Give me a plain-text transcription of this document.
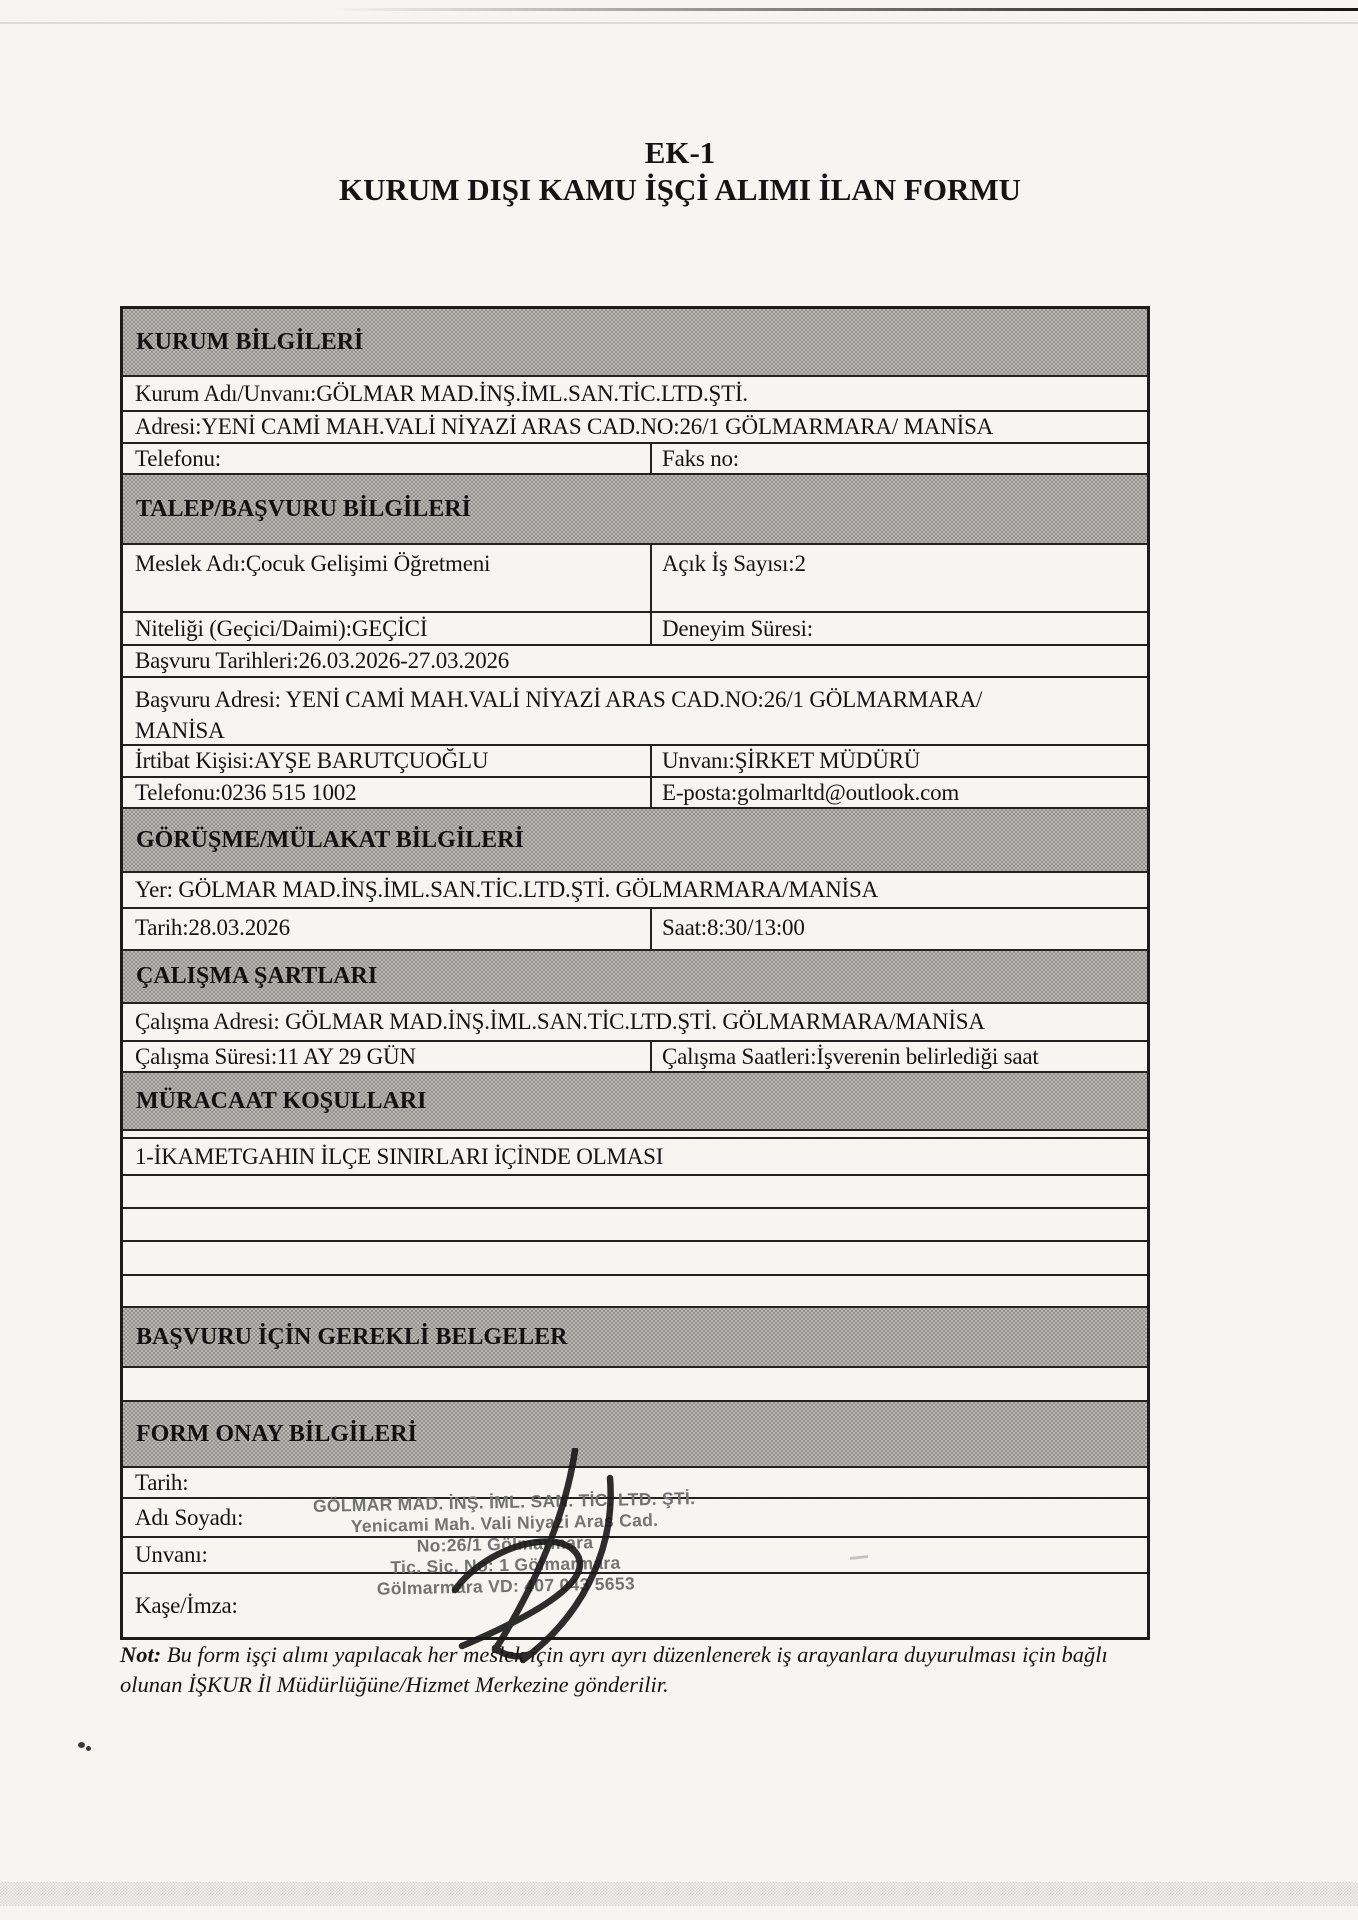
EK-1
KURUM DIŞI KAMU İŞÇİ ALIMI İLAN FORMU
KURUM BİLGİLERİ
Kurum Adı/Unvanı:GÖLMAR MAD.İNŞ.İML.SAN.TİC.LTD.ŞTİ.
Adresi:YENİ CAMİ MAH.VALİ NİYAZİ ARAS CAD.NO:26/1 GÖLMARMARA/ MANİSA
Telefonu:	Faks no:
TALEP/BAŞVURU BİLGİLERİ
Meslek Adı:Çocuk Gelişimi Öğretmeni	Açık İş Sayısı:2
Niteliği (Geçici/Daimi):GEÇİCİ	Deneyim Süresi:
Başvuru Tarihleri:26.03.2026-27.03.2026
Başvuru Adresi: YENİ CAMİ MAH.VALİ NİYAZİ ARAS CAD.NO:26/1 GÖLMARMARA/
MANİSA
İrtibat Kişisi:AYŞE BARUTÇUOĞLU	Unvanı:ŞİRKET MÜDÜRÜ
Telefonu:0236 515 1002	E-posta:golmarltd@outlook.com
GÖRÜŞME/MÜLAKAT BİLGİLERİ
Yer: GÖLMAR MAD.İNŞ.İML.SAN.TİC.LTD.ŞTİ. GÖLMARMARA/MANİSA
Tarih:28.03.2026	Saat:8:30/13:00
ÇALIŞMA ŞARTLARI
Çalışma Adresi: GÖLMAR MAD.İNŞ.İML.SAN.TİC.LTD.ŞTİ. GÖLMARMARA/MANİSA
Çalışma Süresi:11 AY 29 GÜN	Çalışma Saatleri:İşverenin belirlediği saat
MÜRACAAT KOŞULLARI
1-İKAMETGAHIN İLÇE SINIRLARI İÇİNDE OLMASI
BAŞVURU İÇİN GEREKLİ BELGELER
FORM ONAY BİLGİLERİ
Tarih:
Adı Soyadı:
Unvanı:
Kaşe/İmza:
GÖLMAR MAD. İNŞ. İML. SAN. TİC. LTD. ŞTİ.
Yenicami Mah. Vali Niyazi Aras Cad.
No:26/1 Gölmarmara
Tic. Sic. No: 1 Gölmarmara
Gölmarmara VD: 407 043 5653
Not: Bu form işçi alımı yapılacak her meslek için ayrı ayrı düzenlenerek iş arayanlara duyurulması için bağlı
olunan İŞKUR İl Müdürlüğüne/Hizmet Merkezine gönderilir.
